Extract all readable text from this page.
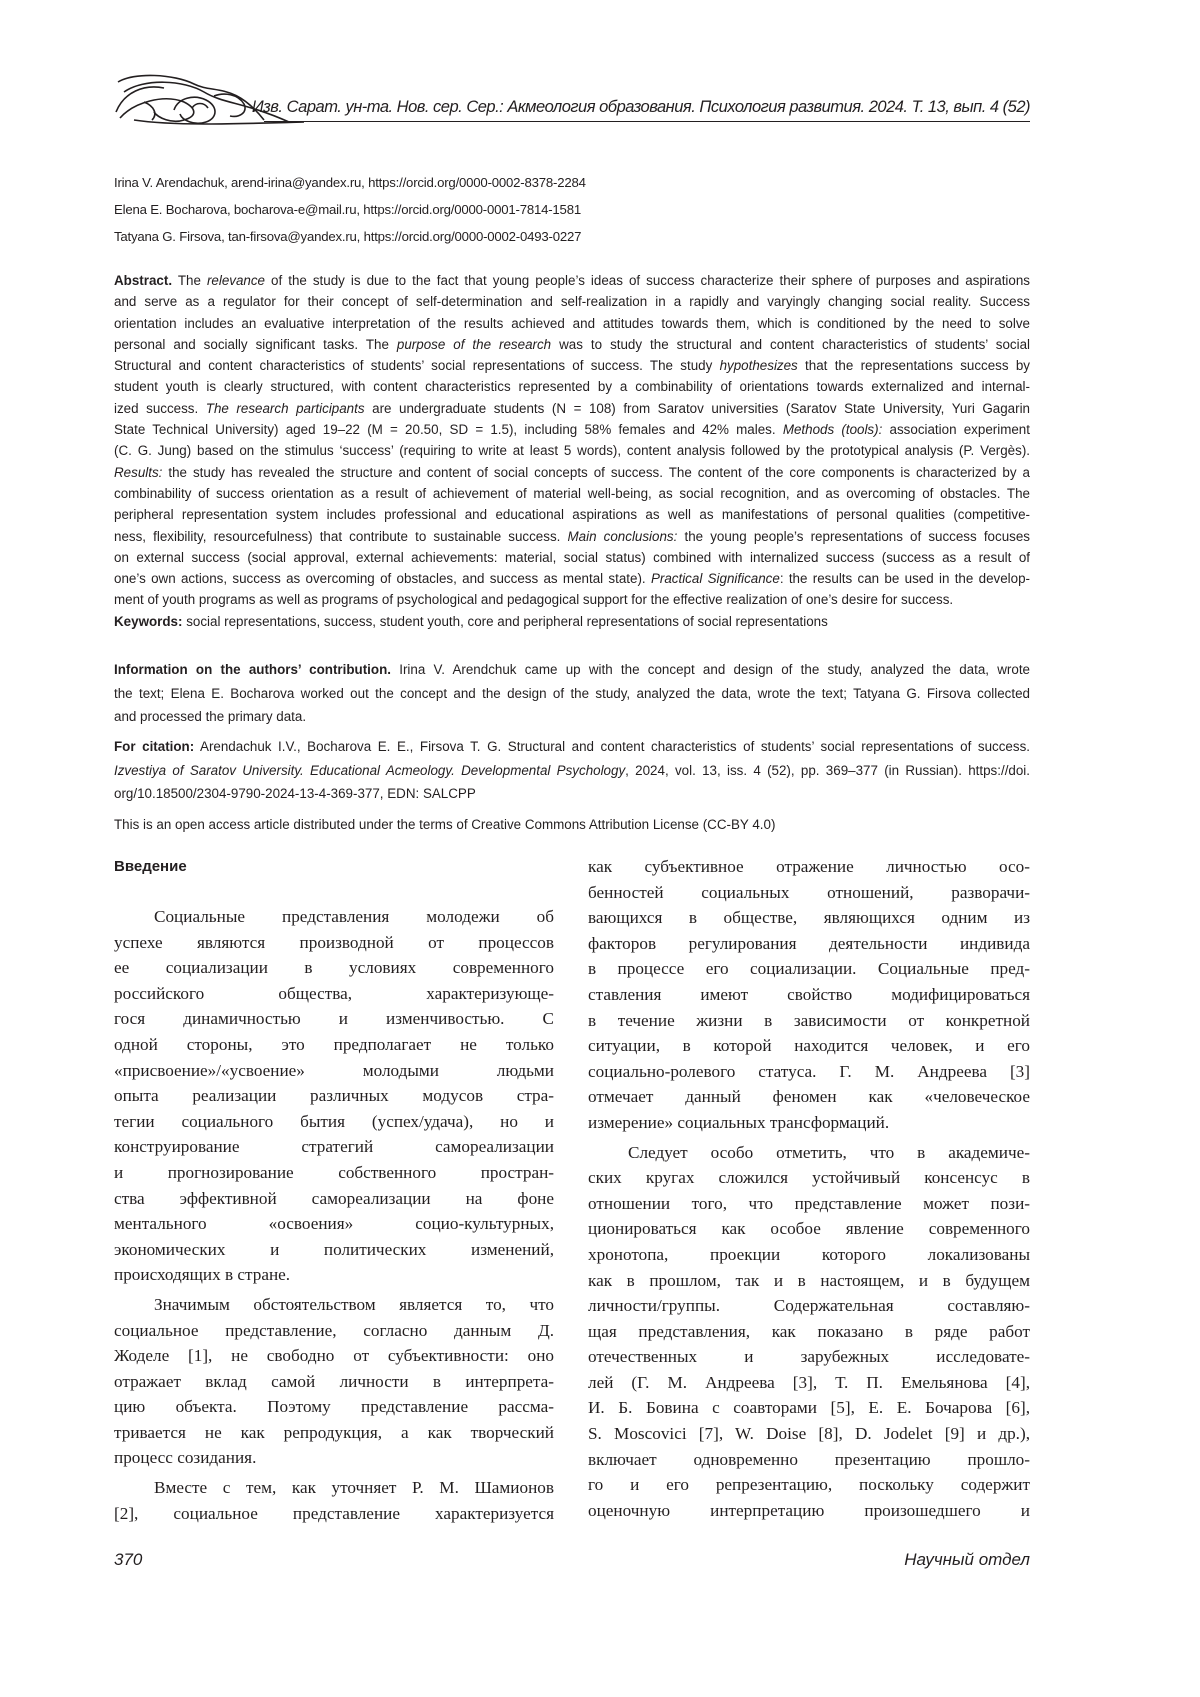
Изв. Сарат. ун-та. Нов. сер. Сер.: Акмеология образования. Психология развития. 2024. Т. 13, вып. 4 (52)
Irina V. Arendachuk, arend-irina@yandex.ru, https://orcid.org/0000-0002-8378-2284
Elena E. Bocharova, bocharova-e@mail.ru, https://orcid.org/0000-0001-7814-1581
Tatyana G. Firsova, tan-firsova@yandex.ru, https://orcid.org/0000-0002-0493-0227
Abstract. The relevance of the study is due to the fact that young people’s ideas of success characterize their sphere of purposes and aspirations
and serve as a regulator for their concept of self-determination and self-realization in a rapidly and varyingly changing social reality. Success
orientation includes an evaluative interpretation of the results achieved and attitudes towards them, which is conditioned by the need to solve
personal and socially significant tasks. The purpose of the research was to study the structural and content characteristics of students’ social
Structural and content characteristics of students’ social representations of success. The study hypothesizes that the representations success by
student youth is clearly structured, with content characteristics represented by a combinability of orientations towards externalized and internal-
ized success. The research participants are undergraduate students (N = 108) from Saratov universities (Saratov State University, Yuri Gagarin
State Technical University) aged 19–22 (M = 20.50, SD = 1.5), including 58% females and 42% males. Methods (tools): association experiment
(C. G. Jung) based on the stimulus ‘success’ (requiring to write at least 5 words), content analysis followed by the prototypical analysis (P. Vergès).
Results: the study has revealed the structure and content of social concepts of success. The content of the core components is characterized by a
combinability of success orientation as a result of achievement of material well-being, as social recognition, and as overcoming of obstacles. The
peripheral representation system includes professional and educational aspirations as well as manifestations of personal qualities (competitive-
ness, flexibility, resourcefulness) that contribute to sustainable success. Main conclusions: the young people’s representations of success focuses
on external success (social approval, external achievements: material, social status) combined with internalized success (success as a result of
one’s own actions, success as overcoming of obstacles, and success as mental state). Practical Significance: the results can be used in the develop-
ment of youth programs as well as programs of psychological and pedagogical support for the effective realization of one’s desire for success.
Keywords: social representations, success, student youth, core and peripheral representations of social representations
Information on the authors’ contribution. Irina V. Arendchuk came up with the concept and design of the study, analyzed the data, wrote
the text; Elena E. Bocharova worked out the concept and the design of the study, analyzed the data, wrote the text; Tatyana G. Firsova collected
and processed the primary data.
For citation: Arendachuk I.V., Bocharova E. E., Firsova T. G. Structural and content characteristics of students’ social representations of success.
Izvestiya of Saratov University. Educational Acmeology. Developmental Psychology, 2024, vol. 13, iss. 4 (52), pp. 369–377 (in Russian). https://doi.
org/10.18500/2304-9790-2024-13-4-369-377, EDN: SALCPP
This is an open access article distributed under the terms of Creative Commons Attribution License (CC-BY 4.0)
Введение
Социальные представления молодежи об
успехе являются производной от процессов
ее социализации в условиях современного
российского общества, характеризующе-
гося динамичностью и изменчивостью. С
одной стороны, это предполагает не только
«присвоение»/«усвоение» молодыми людьми
опыта реализации различных модусов стра-
тегии социального бытия (успех/удача), но и
конструирование стратегий самореализации
и прогнозирование собственного простран-
ства эффективной самореализации на фоне
ментального «освоения» социо-культурных,
экономических и политических изменений,
происходящих в стране.
Значимым обстоятельством является то, что
социальное представление, согласно данным Д.
Жоделе [1], не свободно от субъективности: оно
отражает вклад самой личности в интерпрета-
цию объекта. Поэтому представление рассма-
тривается не как репродукция, а как творческий
процесс созидания.
Вместе с тем, как уточняет Р. М. Шамионов
[2], социальное представление характеризуется
как субъективное отражение личностью осо-
бенностей социальных отношений, разворачи-
вающихся в обществе, являющихся одним из
факторов регулирования деятельности индивида
в процессе его социализации. Социальные пред-
ставления имеют свойство модифицироваться
в течение жизни в зависимости от конкретной
ситуации, в которой находится человек, и его
социально-ролевого статуса. Г. М. Андреева [3]
отмечает данный феномен как «человеческое
измерение» социальных трансформаций.
Следует особо отметить, что в академиче-
ских кругах сложился устойчивый консенсус в
отношении того, что представление может пози-
ционироваться как особое явление современного
хронотопа, проекции которого локализованы
как в прошлом, так и в настоящем, и в будущем
личности/группы. Содержательная составляю-
щая представления, как показано в ряде работ
отечественных и зарубежных исследовате-
лей (Г. М. Андреева [3], Т. П. Емельянова [4],
И. Б. Бовина с соавторами [5], Е. Е. Бочарова [6],
S. Moscovici [7], W. Doise [8], D. Jodelet [9] и др.),
включает одновременно презентацию прошло-
го и его репрезентацию, поскольку содержит
оценочную интерпретацию произошедшего и
370	Научный отдел
